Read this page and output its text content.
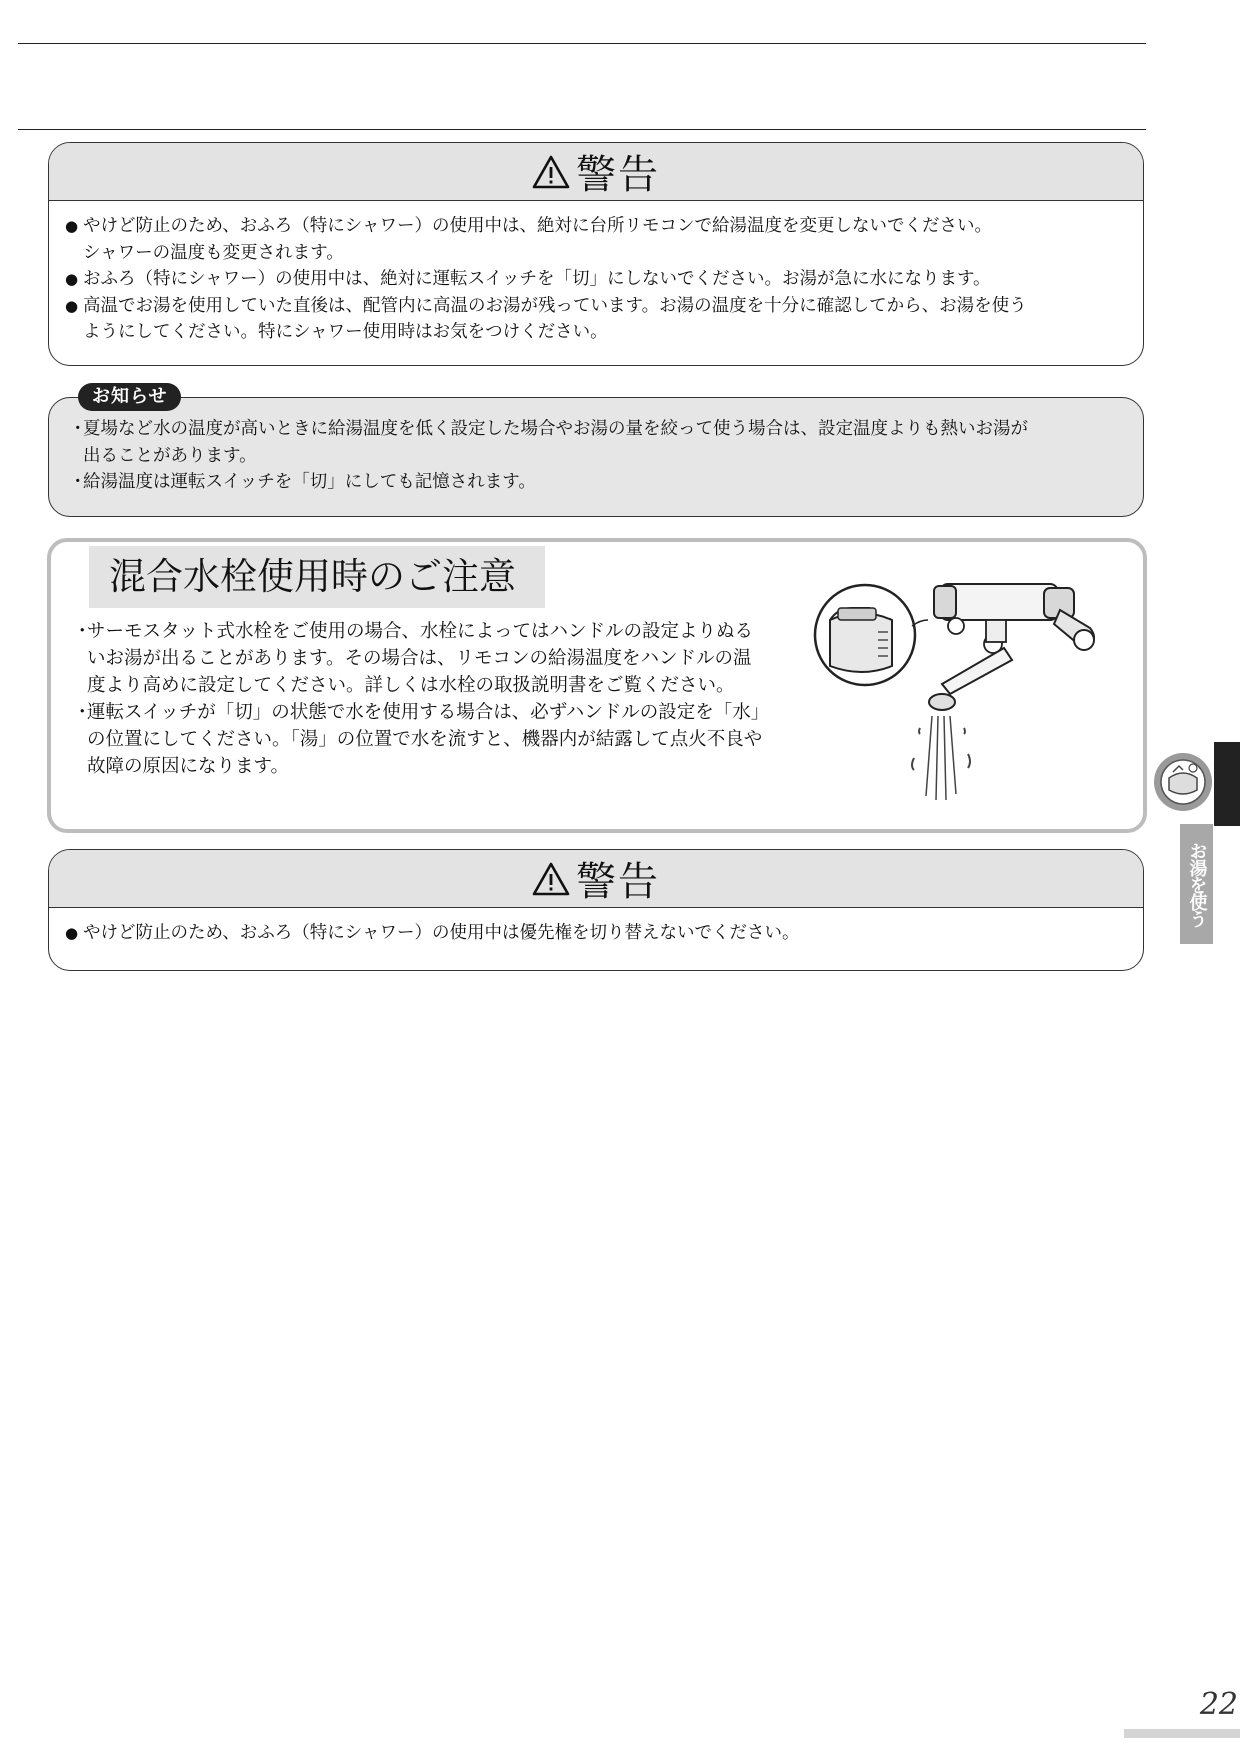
警告
● やけど防止のため、おふろ（特にシャワー）の使用中は、絶対に台所リモコンで給湯温度を変更しないでください。
シャワーの温度も変更されます。
● おふろ（特にシャワー）の使用中は、絶対に運転スイッチを「切」にしないでください。お湯が急に水になります。
● 高温でお湯を使用していた直後は、配管内に高温のお湯が残っています。お湯の温度を十分に確認してから、お湯を使う
ようにしてください。特にシャワー使用時はお気をつけください。
・
夏場など水の温度が高いときに給湯温度を低く設定した場合やお湯の量を絞って使う場合は、設定温度よりも熱いお湯が
出ることがあります。
・
給湯温度は運転スイッチを「切」にしても記憶されます。
お知らせ
混合水栓使用時のご注意
・
サーモスタット式水栓をご使用の場合、水栓によってはハンドルの設定よりぬる
いお湯が出ることがあります。その場合は、リモコンの給湯温度をハンドルの温
度より高めに設定してください。詳しくは水栓の取扱説明書をご覧ください。
・
運転スイッチが「切」の状態で水を使用する場合は、必ずハンドルの設定を「水」
の位置にしてください。「湯」の位置で水を流すと、機器内が結露して点火不良や
故障の原因になります。
警告
● やけど防止のため、おふろ（特にシャワー）の使用中は優先権を切り替えないでください。
お湯を使う
22
